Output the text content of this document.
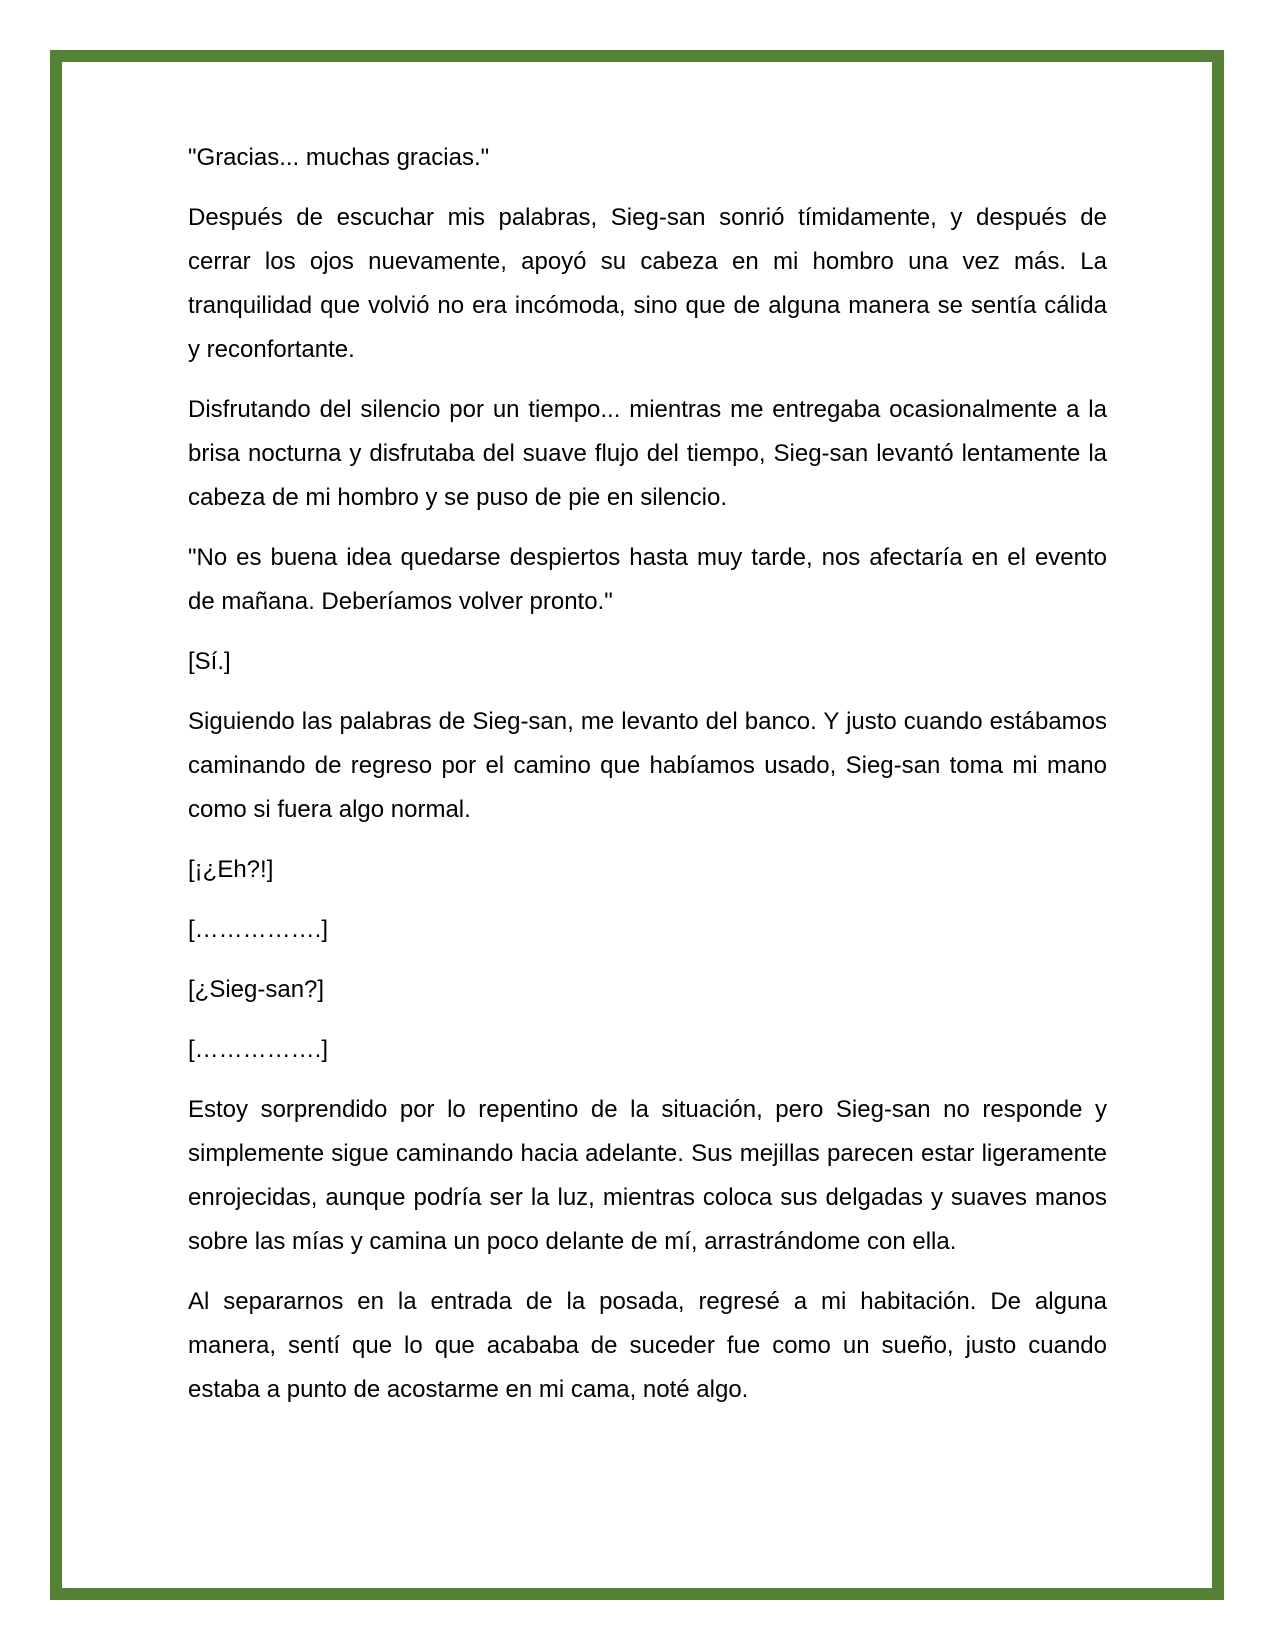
"Gracias... muchas gracias."

Después de escuchar mis palabras, Sieg-san sonrió tímidamente, y después de cerrar los ojos nuevamente, apoyó su cabeza en mi hombro una vez más. La tranquilidad que volvió no era incómoda, sino que de alguna manera se sentía cálida y reconfortante.

Disfrutando del silencio por un tiempo... mientras me entregaba ocasionalmente a la brisa nocturna y disfrutaba del suave flujo del tiempo, Sieg-san levantó lentamente la cabeza de mi hombro y se puso de pie en silencio.

"No es buena idea quedarse despiertos hasta muy tarde, nos afectaría en el evento de mañana. Deberíamos volver pronto."

[Sí.]

Siguiendo las palabras de Sieg-san, me levanto del banco. Y justo cuando estábamos caminando de regreso por el camino que habíamos usado, Sieg-san toma mi mano como si fuera algo normal.

[¡¿Eh?!]

[…………….]

[¿Sieg-san?]

[…………….]

Estoy sorprendido por lo repentino de la situación, pero Sieg-san no responde y simplemente sigue caminando hacia adelante. Sus mejillas parecen estar ligeramente enrojecidas, aunque podría ser la luz, mientras coloca sus delgadas y suaves manos sobre las mías y camina un poco delante de mí, arrastrándome con ella.

Al separarnos en la entrada de la posada, regresé a mi habitación. De alguna manera, sentí que lo que acababa de suceder fue como un sueño, justo cuando estaba a punto de acostarme en mi cama, noté algo.
